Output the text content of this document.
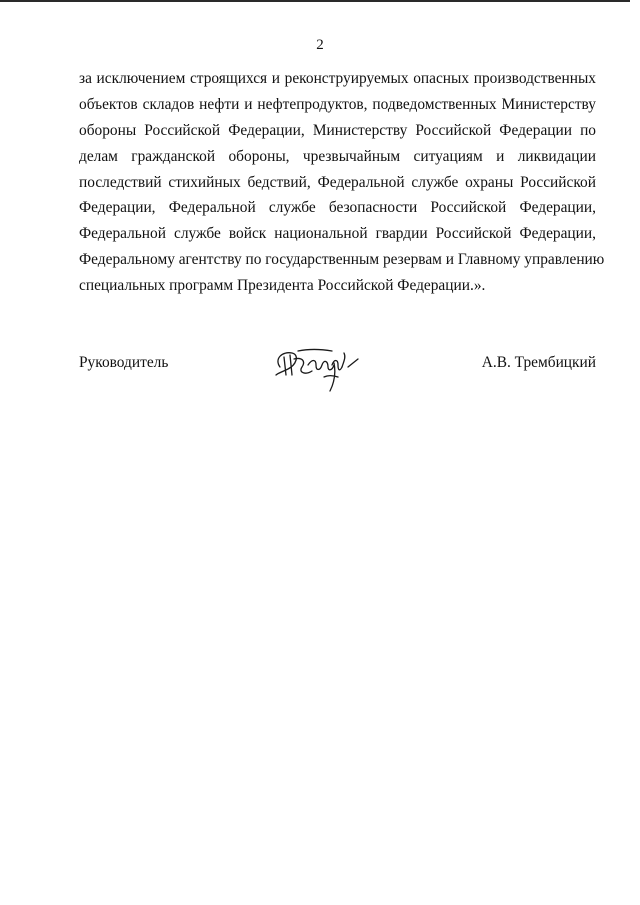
2
за исключением строящихся и реконструируемых опасных производственных
объектов складов нефти и нефтепродуктов, подведомственных Министерству
обороны Российской Федерации, Министерству Российской Федерации по
делам гражданской обороны, чрезвычайным ситуациям и ликвидации
последствий стихийных бедствий, Федеральной службе охраны Российской
Федерации, Федеральной службе безопасности Российской Федерации,
Федеральной службе войск национальной гвардии Российской Федерации,
Федеральному агентству по государственным резервам и Главному управлению
специальных программ Президента Российской Федерации.».
Руководитель	А.В. Трембицкий
